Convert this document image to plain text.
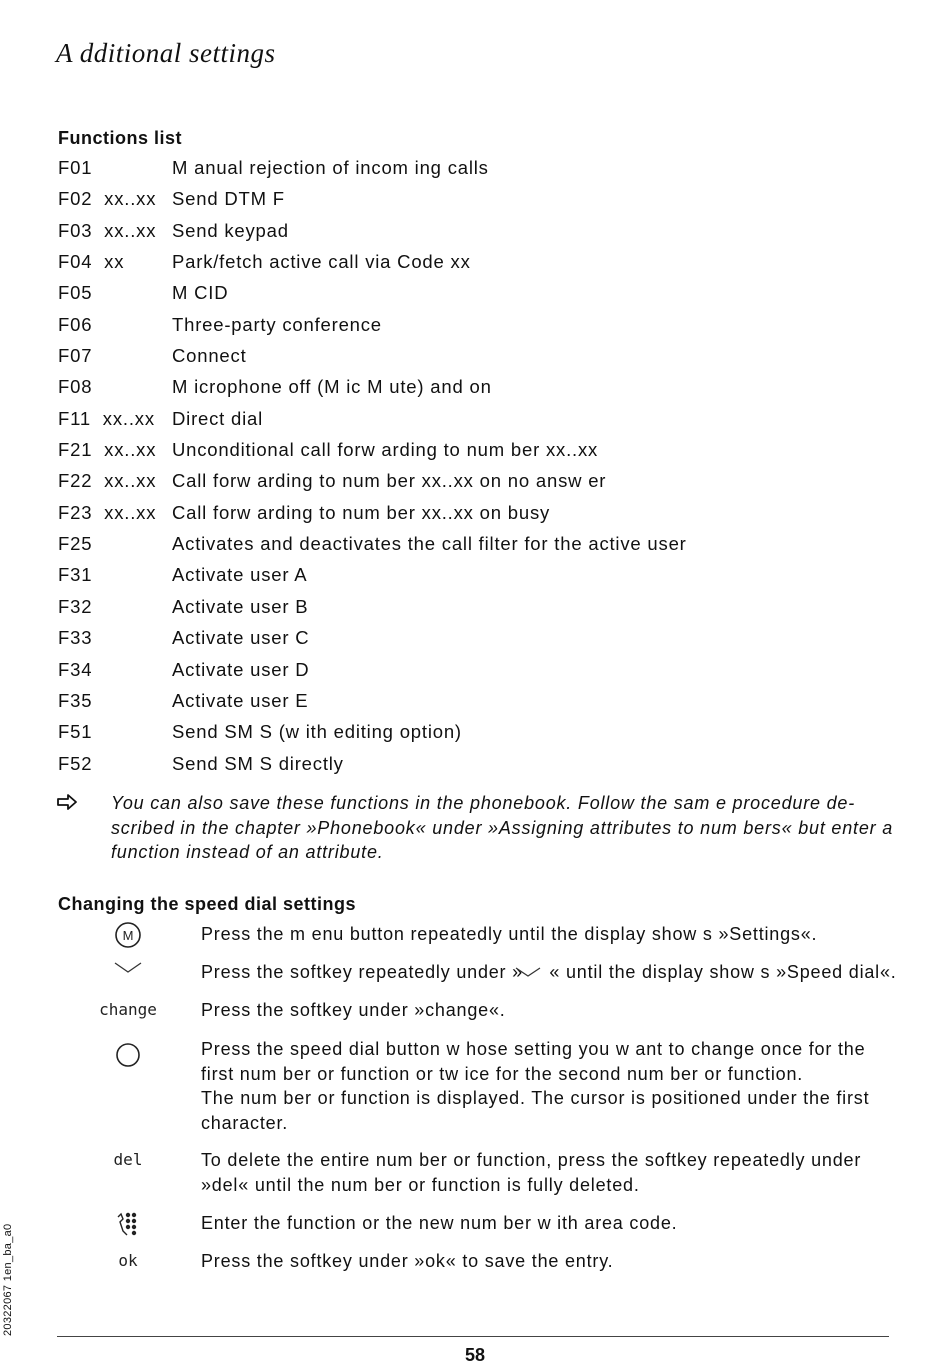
A dditional settings
Functions list
F01	M anual rejection of incom ing calls
F02  xx..xx Send DTM F
F03  xx..xx Send keypad
F04  xx	Park/fetch active call via Code xx
F05	M CID
F06	Three-party conference
F07	Connect
F08	M icrophone off (M ic M ute) and on
F11  xx..xx Direct dial
F21  xx..xx Unconditional call forw arding to num ber xx..xx
F22  xx..xx Call forw arding to num ber xx..xx on no answ er
F23  xx..xx Call forw arding to num ber xx..xx on busy
F25	Activates and deactivates the call filter for the active user
F31	Activate user A
F32	Activate user B
F33	Activate user C
F34	Activate user D
F35	Activate user E
F51	Send SM S (w ith editing option)
F52	Send SM S directly
You can also save these functions in the phonebook. Follow the sam e procedure de-scribed in the chapter »Phonebook« under »Assigning attributes to num bers« but enter a function instead of an attribute.
Changing the speed dial settings
M	Press the m enu button repeatedly until the display show s »Settings«.
Press the softkey repeatedly under »      « until the display show s »Speed dial«.
change	Press the softkey under »change«.
Press the speed dial button w hose setting you w ant to change once for the first num ber or function or tw ice for the second num ber or function.
The num ber or function is displayed. The cursor is positioned under the first character.
del	To delete the entire num ber or function, press the softkey repeatedly under »del« until the num ber or function is fully deleted.
Enter the function or the new num ber w ith area code.
ok	Press the softkey under »ok« to save the entry.
20322067 1en_ba_a0
58
